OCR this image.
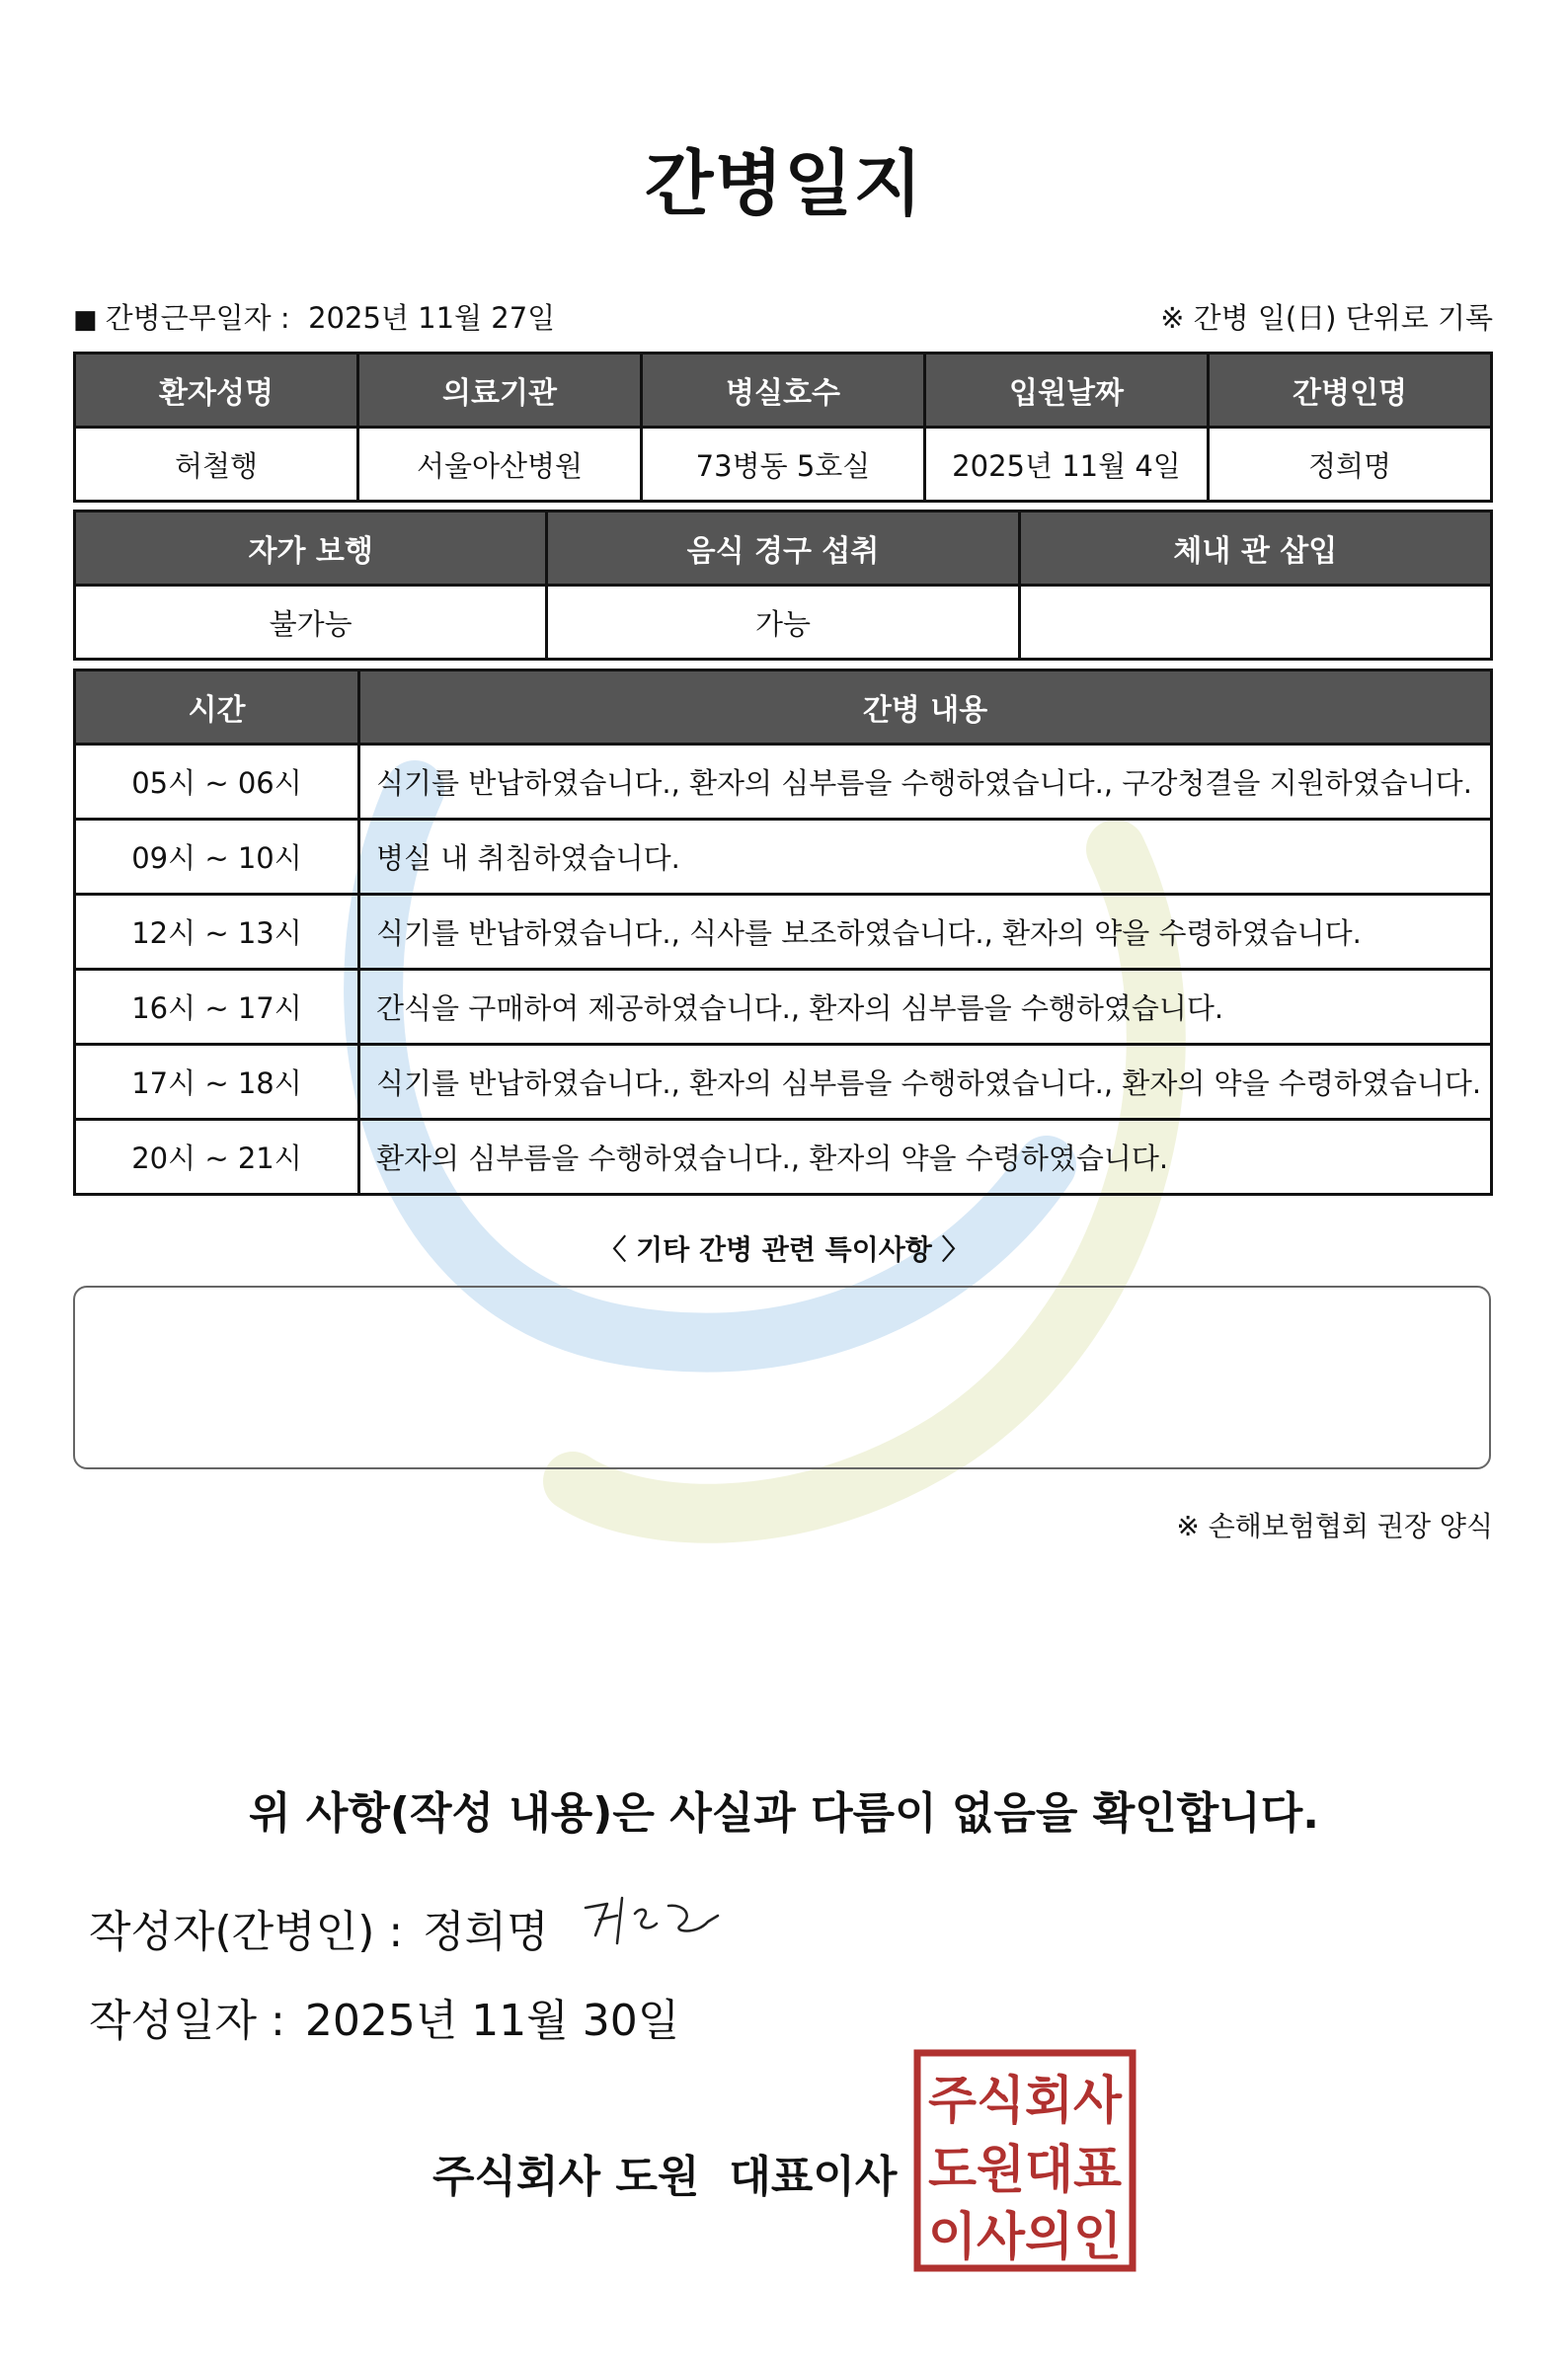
간병일지
■ 간병근무일자 : 2025년 11월 27일	※ 간병 일(日) 단위로 기록
환자성명	의료기관	병실호수	입원날짜	간병인명
허철행	서울아산병원	73병동 5호실	2025년 11월 4일	정희명
자가 보행	음식 경구 섭취	체내 관 삽입
불가능	가능	
시간	간병 내용
05시 ~ 06시	식기를 반납하였습니다., 환자의 심부름을 수행하였습니다., 구강청결을 지원하였습니다.
09시 ~ 10시	병실 내 취침하였습니다.
12시 ~ 13시	식기를 반납하였습니다., 식사를 보조하였습니다., 환자의 약을 수령하였습니다.
16시 ~ 17시	간식을 구매하여 제공하였습니다., 환자의 심부름을 수행하였습니다.
17시 ~ 18시	식기를 반납하였습니다., 환자의 심부름을 수행하였습니다., 환자의 약을 수령하였습니다.
20시 ~ 21시	환자의 심부름을 수행하였습니다., 환자의 약을 수령하였습니다.
〈 기타 간병 관련 특이사항 〉
※ 손해보험협회 권장 양식
위 사항(작성 내용)은 사실과 다름이 없음을 확인합니다.
작성자(간병인) : 정희명
작성일자 : 2025년 11월 30일
주식회사 도원 대표이사
주식회사
도원대표
이사의인
